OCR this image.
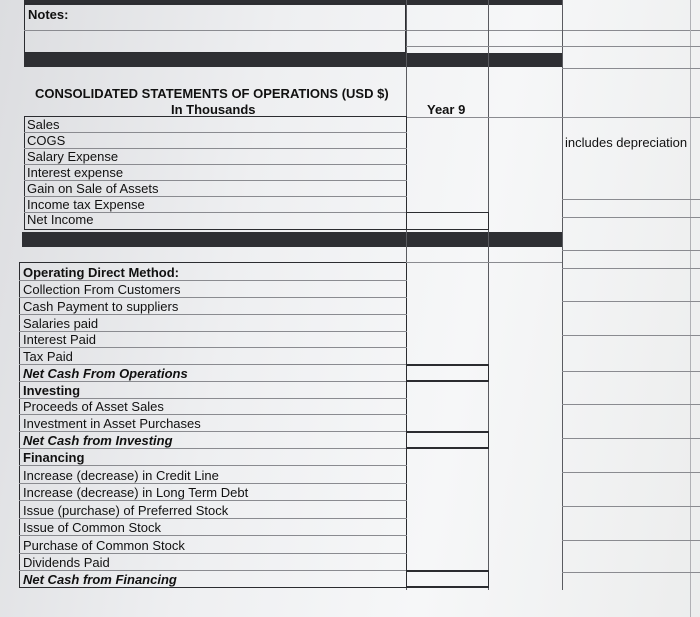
Notes:
CONSOLIDATED STATEMENTS OF OPERATIONS (USD $)
In Thousands	Year 9
includes depreciation
Sales
COGS
Salary Expense
Interest expense
Gain on Sale of Assets
Income tax Expense
Net Income
Operating Direct Method:
Collection From Customers
Cash Payment to suppliers
Salaries paid
Interest Paid
Tax Paid
Net Cash From Operations
Investing
Proceeds of Asset Sales
Investment in Asset Purchases
Net Cash from Investing
Financing
Increase (decrease) in Credit Line
Increase (decrease) in Long Term Debt
Issue (purchase) of Preferred Stock
Issue of Common Stock
Purchase of Common Stock
Dividends Paid
Net Cash from Financing
